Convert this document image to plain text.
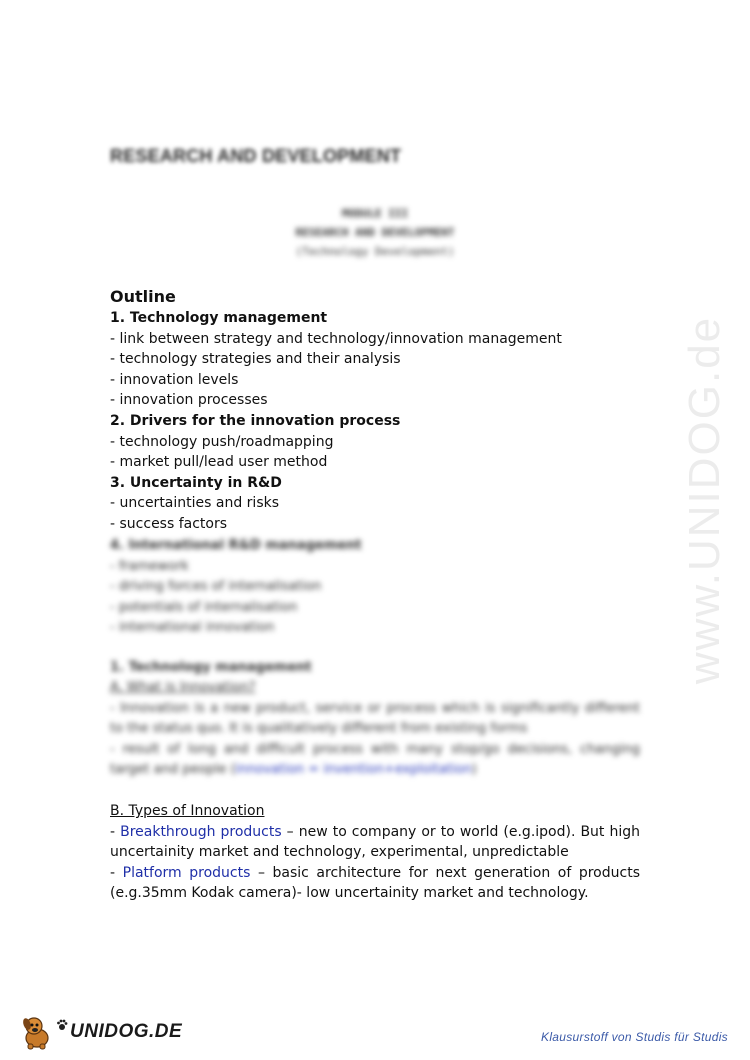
www.UNIDOG.de
RESEARCH AND DEVELOPMENT
MODULE III
RESEARCH AND DEVELOPMENT
(Technology Development)
Outline
1. Technology management
- link between strategy and technology/innovation management
- technology strategies and their analysis
- innovation levels
- innovation processes
2. Drivers for the innovation process
- technology push/roadmapping
- market pull/lead user method
3. Uncertainty in R&D
- uncertainties and risks
- success factors
4. International R&D management
- framework
- driving forces of internalisation
- potentials of internalisation
- international innovation
1. Technology management
A. What is Innovation?
- Innovation is a new product, service or process which is significantly different to the status quo. It is qualitatively different from existing forms
- result of long and difficult process with many stop/go decisions, changing target and people (innovation = invention+exploitation)
B. Types of Innovation
- Breakthrough products – new to company or to world (e.g.ipod). But high uncertainity market and technology, experimental, unpredictable
- Platform products – basic architecture for next generation of products (e.g.35mm Kodak camera)- low uncertainity market and technology.
UNIDOG.DE	Klausurstoff von Studis für Studis
